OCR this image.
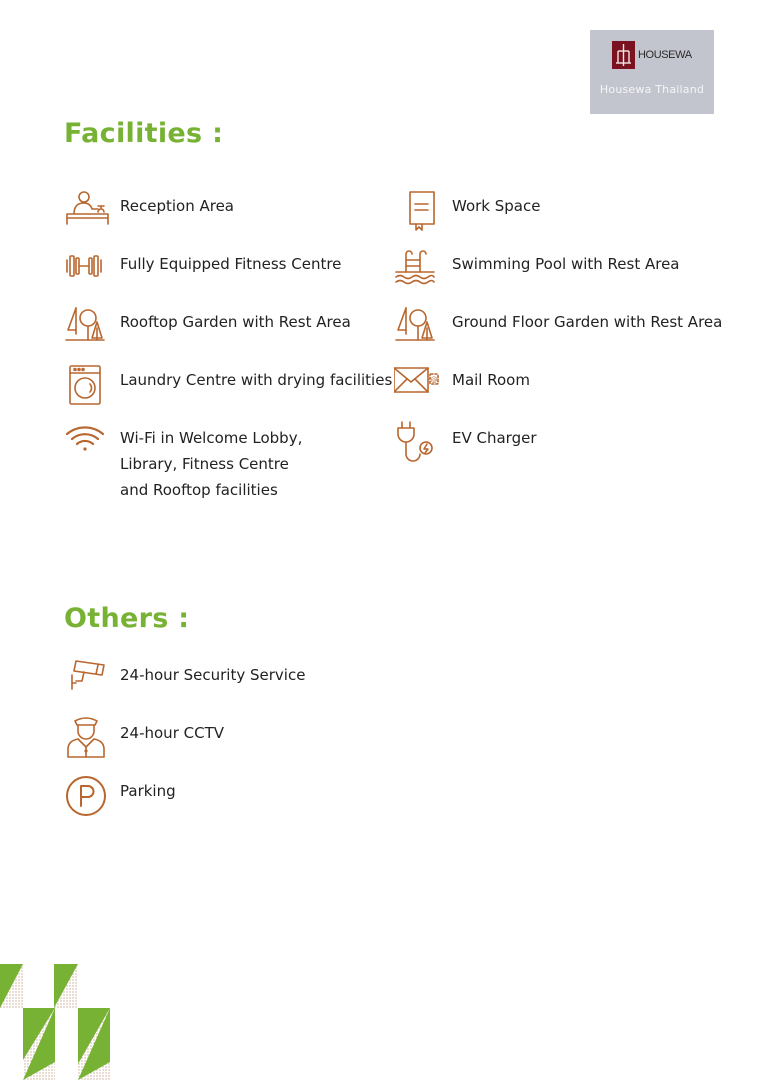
HOUSEWA
Housewa Thailand
Facilities :
Reception Area
Fully Equipped Fitness Centre
Rooftop Garden with Rest Area
Laundry Centre with drying facilities
Wi-Fi in Welcome Lobby,
Library, Fitness Centre
and Rooftop facilities
Work Space
Swimming Pool with Rest Area
Ground Floor Garden with Rest Area
@ Mail Room
EV Charger
Others :
24-hour Security Service
24-hour CCTV
Parking
